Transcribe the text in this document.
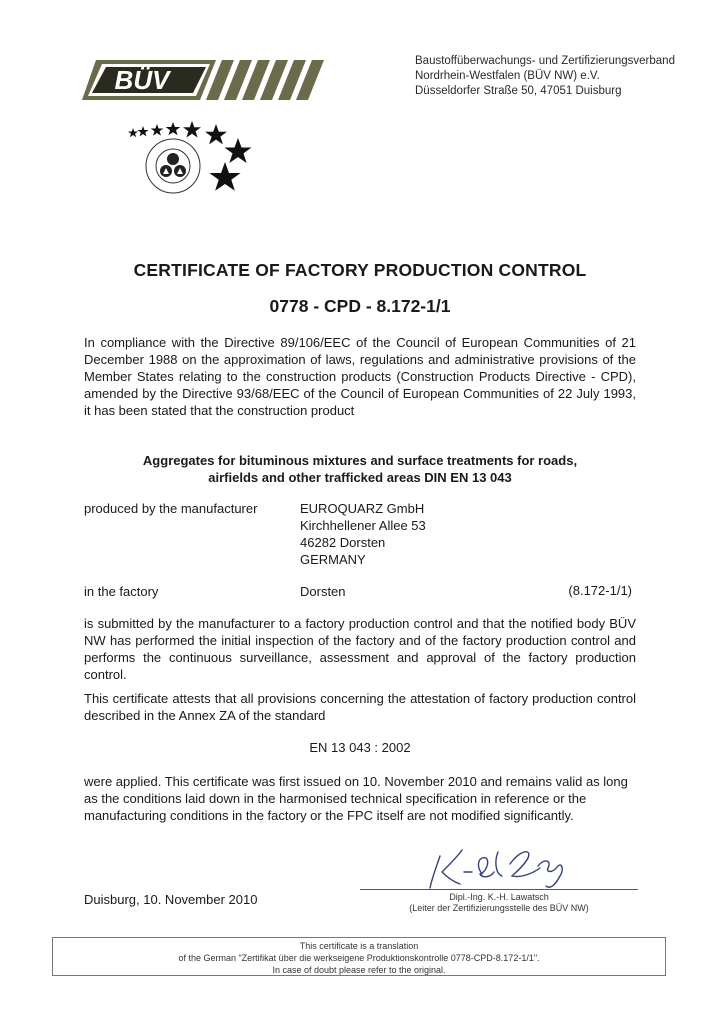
BÜV
Baustoffüberwachungs- und Zertifizierungsverband
Nordrhein-Westfalen (BÜV NW) e.V.
Düsseldorfer Straße 50, 47051 Duisburg
CERTIFICATE OF FACTORY PRODUCTION CONTROL
0778 - CPD - 8.172-1/1
In compliance with the Directive 89/106/EEC of the Council of European Communities of 21 December 1988 on the approximation of laws, regulations and administrative provisions of the Member States relating to the construction products (Construction Products Directive - CPD), amended by the Directive 93/68/EEC of the Council of European Communities of 22 July 1993, it has been stated that the construction product
Aggregates for bituminous mixtures and surface treatments for roads,
airfields and other trafficked areas DIN EN 13 043
produced by the manufacturer	EUROQUARZ GmbH
Kirchhellener Allee 53
46282 Dorsten
GERMANY
in the factory	Dorsten	(8.172-1/1)
is submitted by the manufacturer to a factory production control and that the notified body BÜV NW has performed the initial inspection of the factory and of the factory production control and performs the continuous surveillance, assessment and approval of the factory production control.
This certificate attests that all provisions concerning the attestation of factory production control described in the Annex ZA of the standard
EN 13 043 : 2002
were applied. This certificate was first issued on 10. November 2010 and remains valid as long as the conditions laid down in the harmonised technical specification in reference or the manufacturing conditions in the factory or the FPC itself are not modified significantly.
Dipl.-Ing. K.-H. Lawatsch
(Leiter der Zertifizierungsstelle des BÜV NW)
Duisburg, 10. November 2010
This certificate is a translation
of the German "Zertifikat über die werkseigene Produktionskontrolle 0778-CPD-8.172-1/1".
In case of doubt please refer to the original.
